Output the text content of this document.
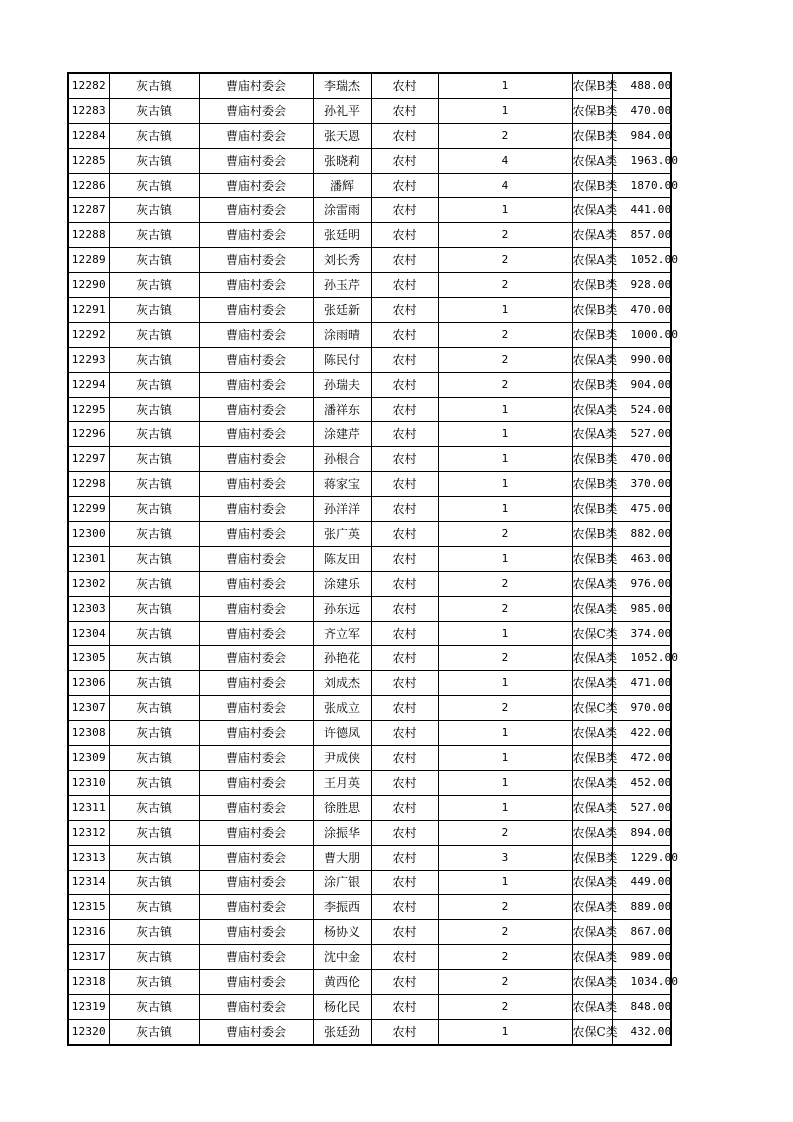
12282	灰古镇	曹庙村委会	李瑞杰	农村	1	农保B类	488.00
12283	灰古镇	曹庙村委会	孙礼平	农村	1	农保B类	470.00
12284	灰古镇	曹庙村委会	张天恩	农村	2	农保B类	984.00
12285	灰古镇	曹庙村委会	张晓莉	农村	4	农保A类	1963.00
12286	灰古镇	曹庙村委会	潘辉	农村	4	农保B类	1870.00
12287	灰古镇	曹庙村委会	涂雷雨	农村	1	农保A类	441.00
12288	灰古镇	曹庙村委会	张廷明	农村	2	农保A类	857.00
12289	灰古镇	曹庙村委会	刘长秀	农村	2	农保A类	1052.00
12290	灰古镇	曹庙村委会	孙玉芹	农村	2	农保B类	928.00
12291	灰古镇	曹庙村委会	张廷新	农村	1	农保B类	470.00
12292	灰古镇	曹庙村委会	涂雨晴	农村	2	农保B类	1000.00
12293	灰古镇	曹庙村委会	陈民付	农村	2	农保A类	990.00
12294	灰古镇	曹庙村委会	孙瑞夫	农村	2	农保B类	904.00
12295	灰古镇	曹庙村委会	潘祥东	农村	1	农保A类	524.00
12296	灰古镇	曹庙村委会	涂建芹	农村	1	农保A类	527.00
12297	灰古镇	曹庙村委会	孙根合	农村	1	农保B类	470.00
12298	灰古镇	曹庙村委会	蒋家宝	农村	1	农保B类	370.00
12299	灰古镇	曹庙村委会	孙洋洋	农村	1	农保B类	475.00
12300	灰古镇	曹庙村委会	张广英	农村	2	农保B类	882.00
12301	灰古镇	曹庙村委会	陈友田	农村	1	农保B类	463.00
12302	灰古镇	曹庙村委会	涂建乐	农村	2	农保A类	976.00
12303	灰古镇	曹庙村委会	孙东远	农村	2	农保A类	985.00
12304	灰古镇	曹庙村委会	齐立军	农村	1	农保C类	374.00
12305	灰古镇	曹庙村委会	孙艳花	农村	2	农保A类	1052.00
12306	灰古镇	曹庙村委会	刘成杰	农村	1	农保A类	471.00
12307	灰古镇	曹庙村委会	张成立	农村	2	农保C类	970.00
12308	灰古镇	曹庙村委会	许德凤	农村	1	农保A类	422.00
12309	灰古镇	曹庙村委会	尹成侠	农村	1	农保B类	472.00
12310	灰古镇	曹庙村委会	王月英	农村	1	农保A类	452.00
12311	灰古镇	曹庙村委会	徐胜思	农村	1	农保A类	527.00
12312	灰古镇	曹庙村委会	涂振华	农村	2	农保A类	894.00
12313	灰古镇	曹庙村委会	曹大朋	农村	3	农保B类	1229.00
12314	灰古镇	曹庙村委会	涂广银	农村	1	农保A类	449.00
12315	灰古镇	曹庙村委会	李振西	农村	2	农保A类	889.00
12316	灰古镇	曹庙村委会	杨协义	农村	2	农保A类	867.00
12317	灰古镇	曹庙村委会	沈中金	农村	2	农保A类	989.00
12318	灰古镇	曹庙村委会	黄西伦	农村	2	农保A类	1034.00
12319	灰古镇	曹庙村委会	杨化民	农村	2	农保A类	848.00
12320	灰古镇	曹庙村委会	张廷劲	农村	1	农保C类	432.00
